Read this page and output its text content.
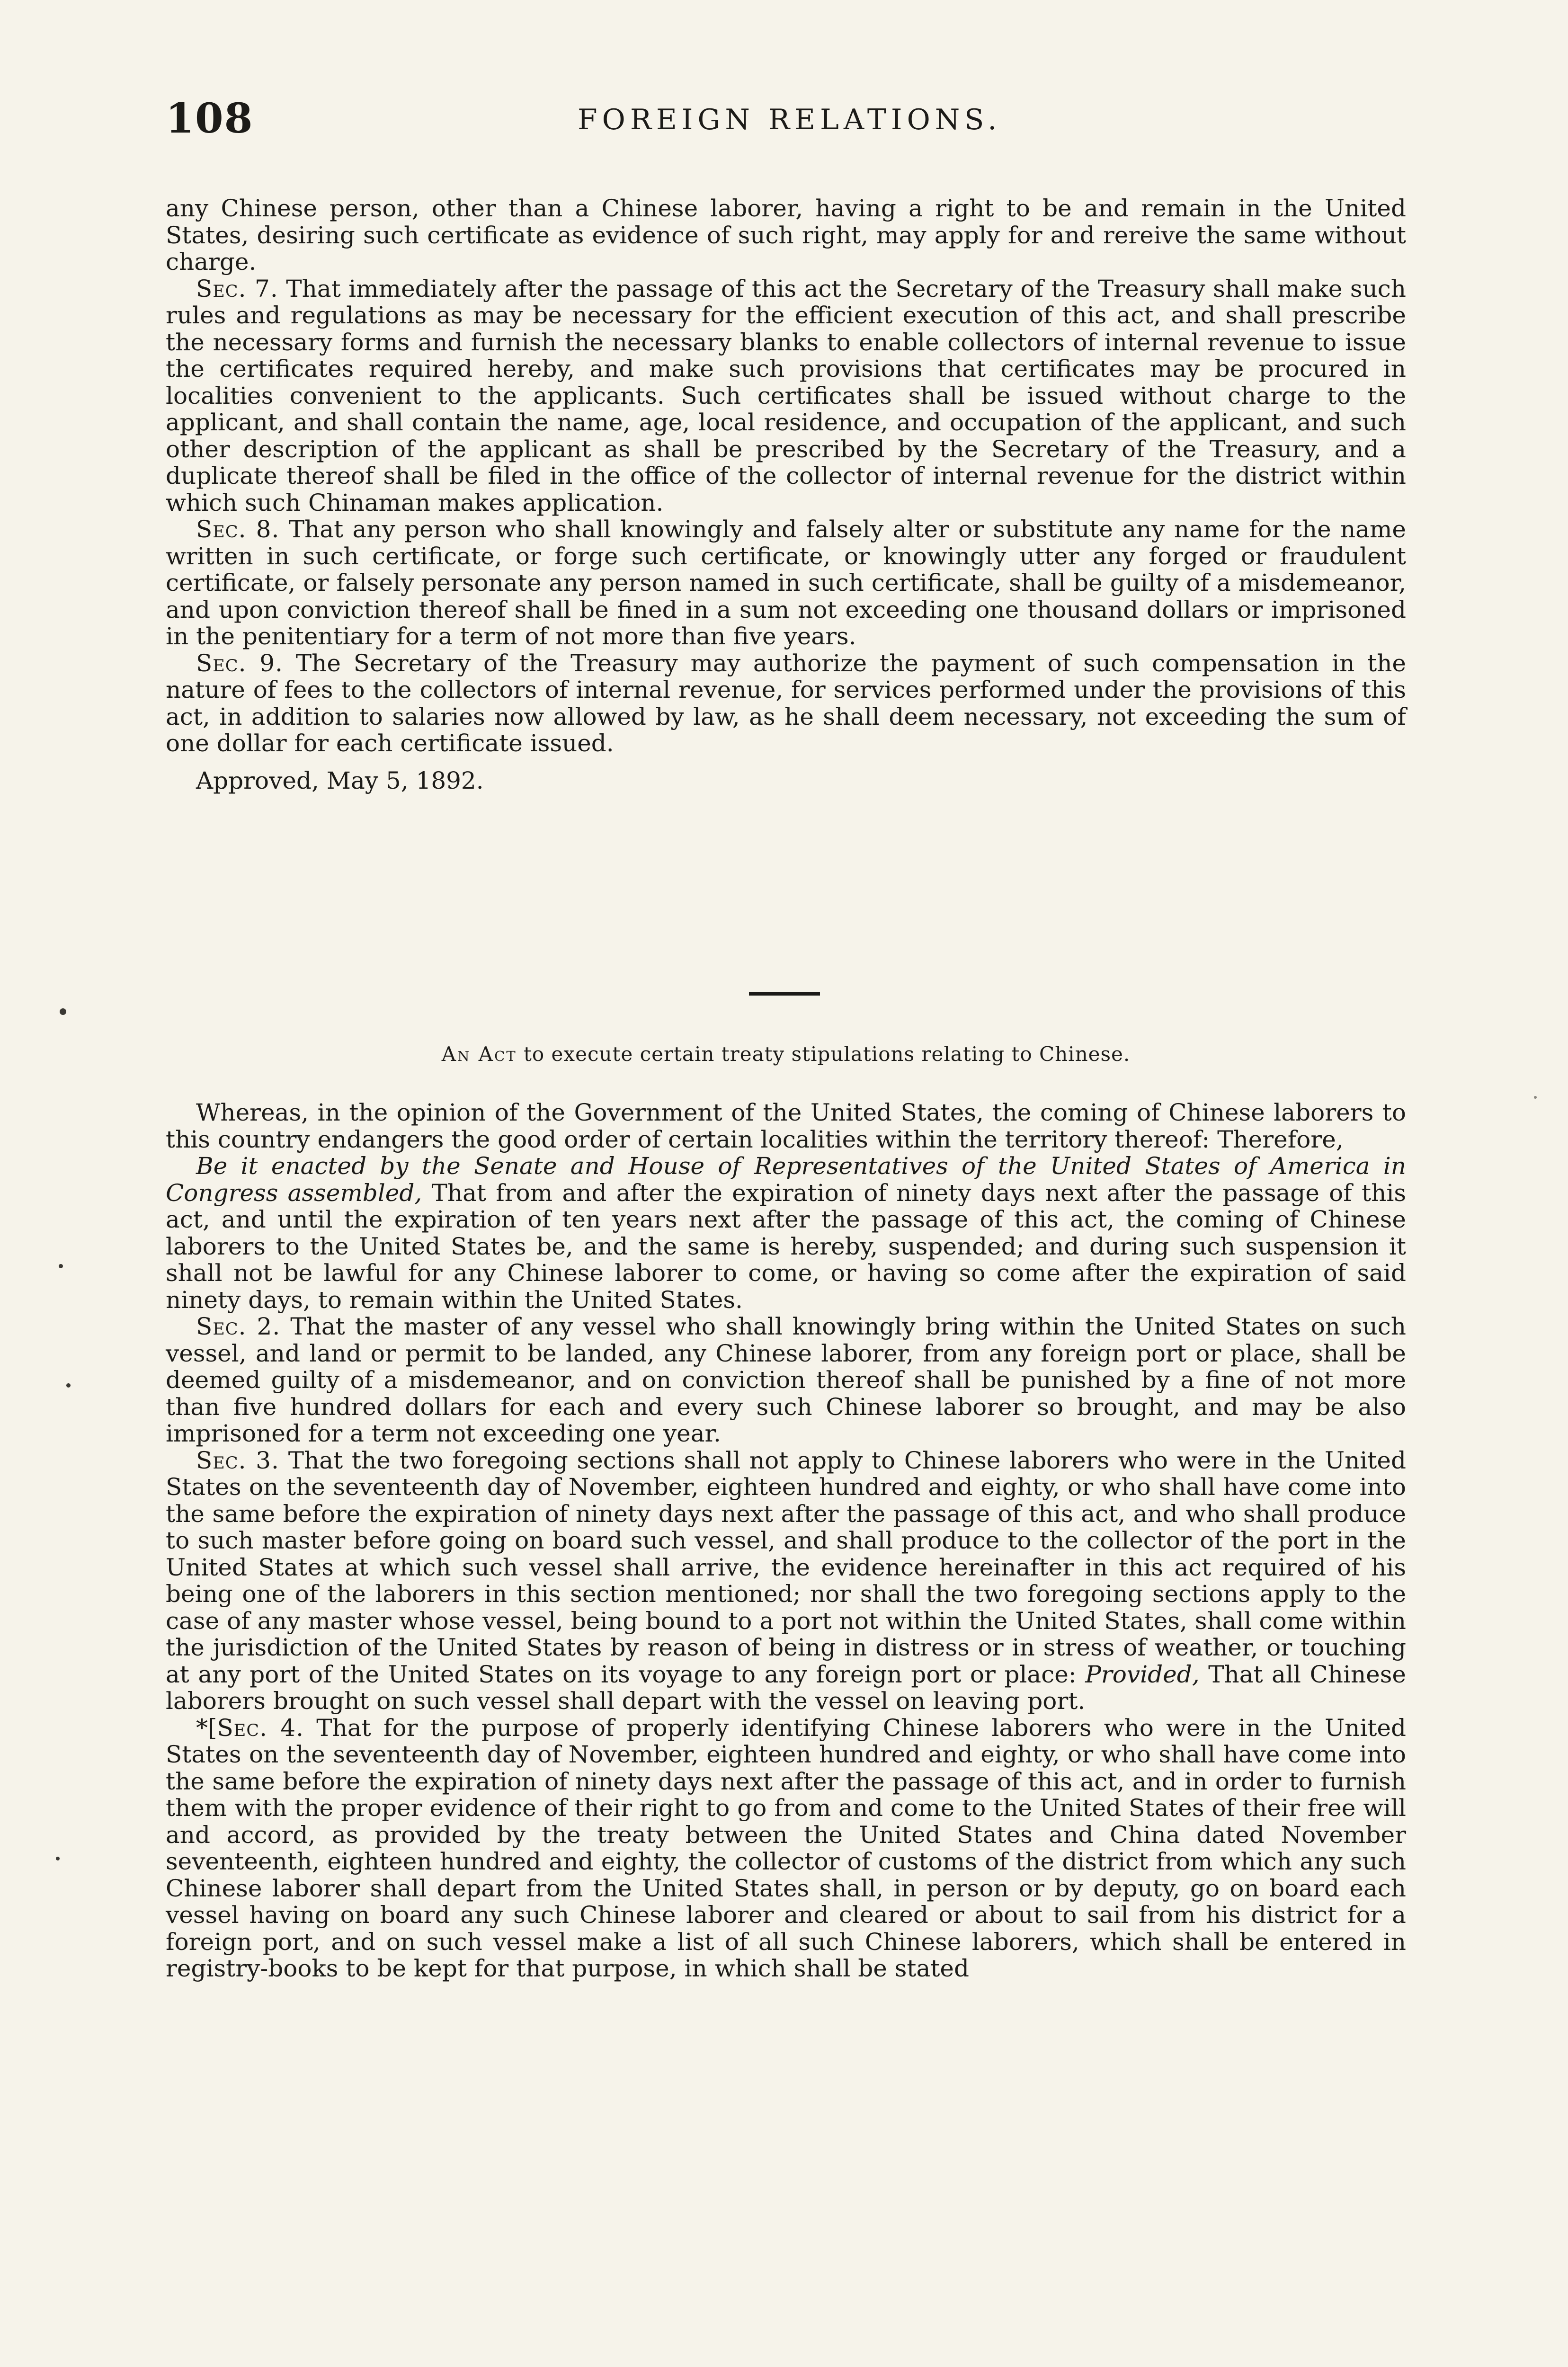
108	FOREIGN RELATIONS.

any Chinese person, other than a Chinese laborer, having a right to be and remain in the United States, desiring such certificate as evidence of such right, may apply for and rereive the same without charge.

Sec. 7. That immediately after the passage of this act the Secretary of the Treasury shall make such rules and regulations as may be necessary for the efficient execution of this act, and shall prescribe the necessary forms and furnish the necessary blanks to enable collectors of internal revenue to issue the certificates required hereby, and make such provisions that certificates may be procured in localities convenient to the applicants. Such certificates shall be issued without charge to the applicant, and shall contain the name, age, local residence, and occupation of the applicant, and such other description of the applicant as shall be prescribed by the Secretary of the Treasury, and a duplicate thereof shall be filed in the office of the collector of internal revenue for the district within which such Chinaman makes application.

Sec. 8. That any person who shall knowingly and falsely alter or substitute any name for the name written in such certificate, or forge such certificate, or knowingly utter any forged or fraudulent certificate, or falsely personate any person named in such certificate, shall be guilty of a misdemeanor, and upon conviction thereof shall be fined in a sum not exceeding one thousand dollars or imprisoned in the penitentiary for a term of not more than five years.

Sec. 9. The Secretary of the Treasury may authorize the payment of such compensation in the nature of fees to the collectors of internal revenue, for services performed under the provisions of this act, in addition to salaries now allowed by law, as he shall deem necessary, not exceeding the sum of one dollar for each certificate issued.

Approved, May 5, 1892.

An Act to execute certain treaty stipulations relating to Chinese.

Whereas, in the opinion of the Government of the United States, the coming of Chinese laborers to this country endangers the good order of certain localities within the territory thereof: Therefore,

Be it enacted by the Senate and House of Representatives of the United States of America in Congress assembled, That from and after the expiration of ninety days next after the passage of this act, and until the expiration of ten years next after the passage of this act, the coming of Chinese laborers to the United States be, and the same is hereby, suspended; and during such suspension it shall not be lawful for any Chinese laborer to come, or having so come after the expiration of said ninety days, to remain within the United States.

Sec. 2. That the master of any vessel who shall knowingly bring within the United States on such vessel, and land or permit to be landed, any Chinese laborer, from any foreign port or place, shall be deemed guilty of a misdemeanor, and on conviction thereof shall be punished by a fine of not more than five hundred dollars for each and every such Chinese laborer so brought, and may be also imprisoned for a term not exceeding one year.

Sec. 3. That the two foregoing sections shall not apply to Chinese laborers who were in the United States on the seventeenth day of November, eighteen hundred and eighty, or who shall have come into the same before the expiration of ninety days next after the passage of this act, and who shall produce to such master before going on board such vessel, and shall produce to the collector of the port in the United States at which such vessel shall arrive, the evidence hereinafter in this act required of his being one of the laborers in this section mentioned; nor shall the two foregoing sections apply to the case of any master whose vessel, being bound to a port not within the United States, shall come within the jurisdiction of the United States by reason of being in distress or in stress of weather, or touching at any port of the United States on its voyage to any foreign port or place: Provided, That all Chinese laborers brought on such vessel shall depart with the vessel on leaving port.

*[Sec. 4. That for the purpose of properly identifying Chinese laborers who were in the United States on the seventeenth day of November, eighteen hundred and eighty, or who shall have come into the same before the expiration of ninety days next after the passage of this act, and in order to furnish them with the proper evidence of their right to go from and come to the United States of their free will and accord, as provided by the treaty between the United States and China dated November seventeenth, eighteen hundred and eighty, the collector of customs of the district from which any such Chinese laborer shall depart from the United States shall, in person or by deputy, go on board each vessel having on board any such Chinese laborer and cleared or about to sail from his district for a foreign port, and on such vessel make a list of all such Chinese laborers, which shall be entered in registry-books to be kept for that purpose, in which shall be stated
